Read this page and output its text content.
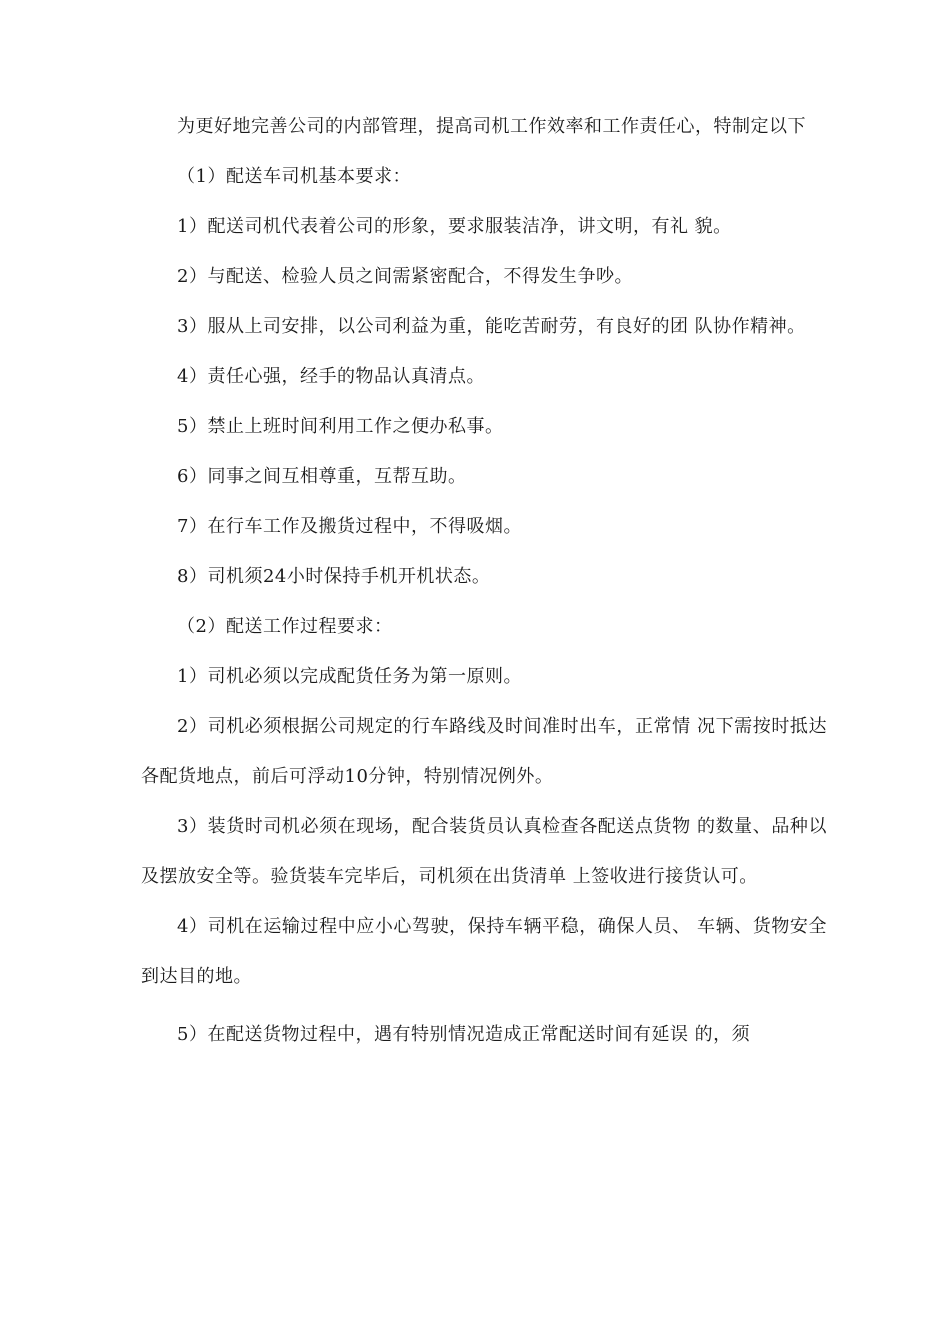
为更好地完善公司的内部管理，提高司机工作效率和工作责任心，特制定以下

（1）配送车司机基本要求：

1）配送司机代表着公司的形象，要求服装洁净，讲文明，有礼 貌。

2）与配送、检验人员之间需紧密配合，不得发生争吵。

3）服从上司安排，以公司利益为重，能吃苦耐劳，有良好的团 队协作精神。

4）责任心强，经手的物品认真清点。

5）禁止上班时间利用工作之便办私事。

6）同事之间互相尊重，互帮互助。

7）在行车工作及搬货过程中，不得吸烟。

8）司机须24小时保持手机开机状态。

（2）配送工作过程要求：

1）司机必须以完成配货任务为第一原则。

2）司机必须根据公司规定的行车路线及时间准时出车，正常情 况下需按时抵达各配货地点，前后可浮动10分钟，特别情况例外。

3）装货时司机必须在现场，配合装货员认真检查各配送点货物 的数量、品种以及摆放安全等。验货装车完毕后，司机须在出货清单 上签收进行接货认可。

4）司机在运输过程中应小心驾驶，保持车辆平稳，确保人员、 车辆、货物安全到达目的地。

5）在配送货物过程中，遇有特别情况造成正常配送时间有延误 的，须
